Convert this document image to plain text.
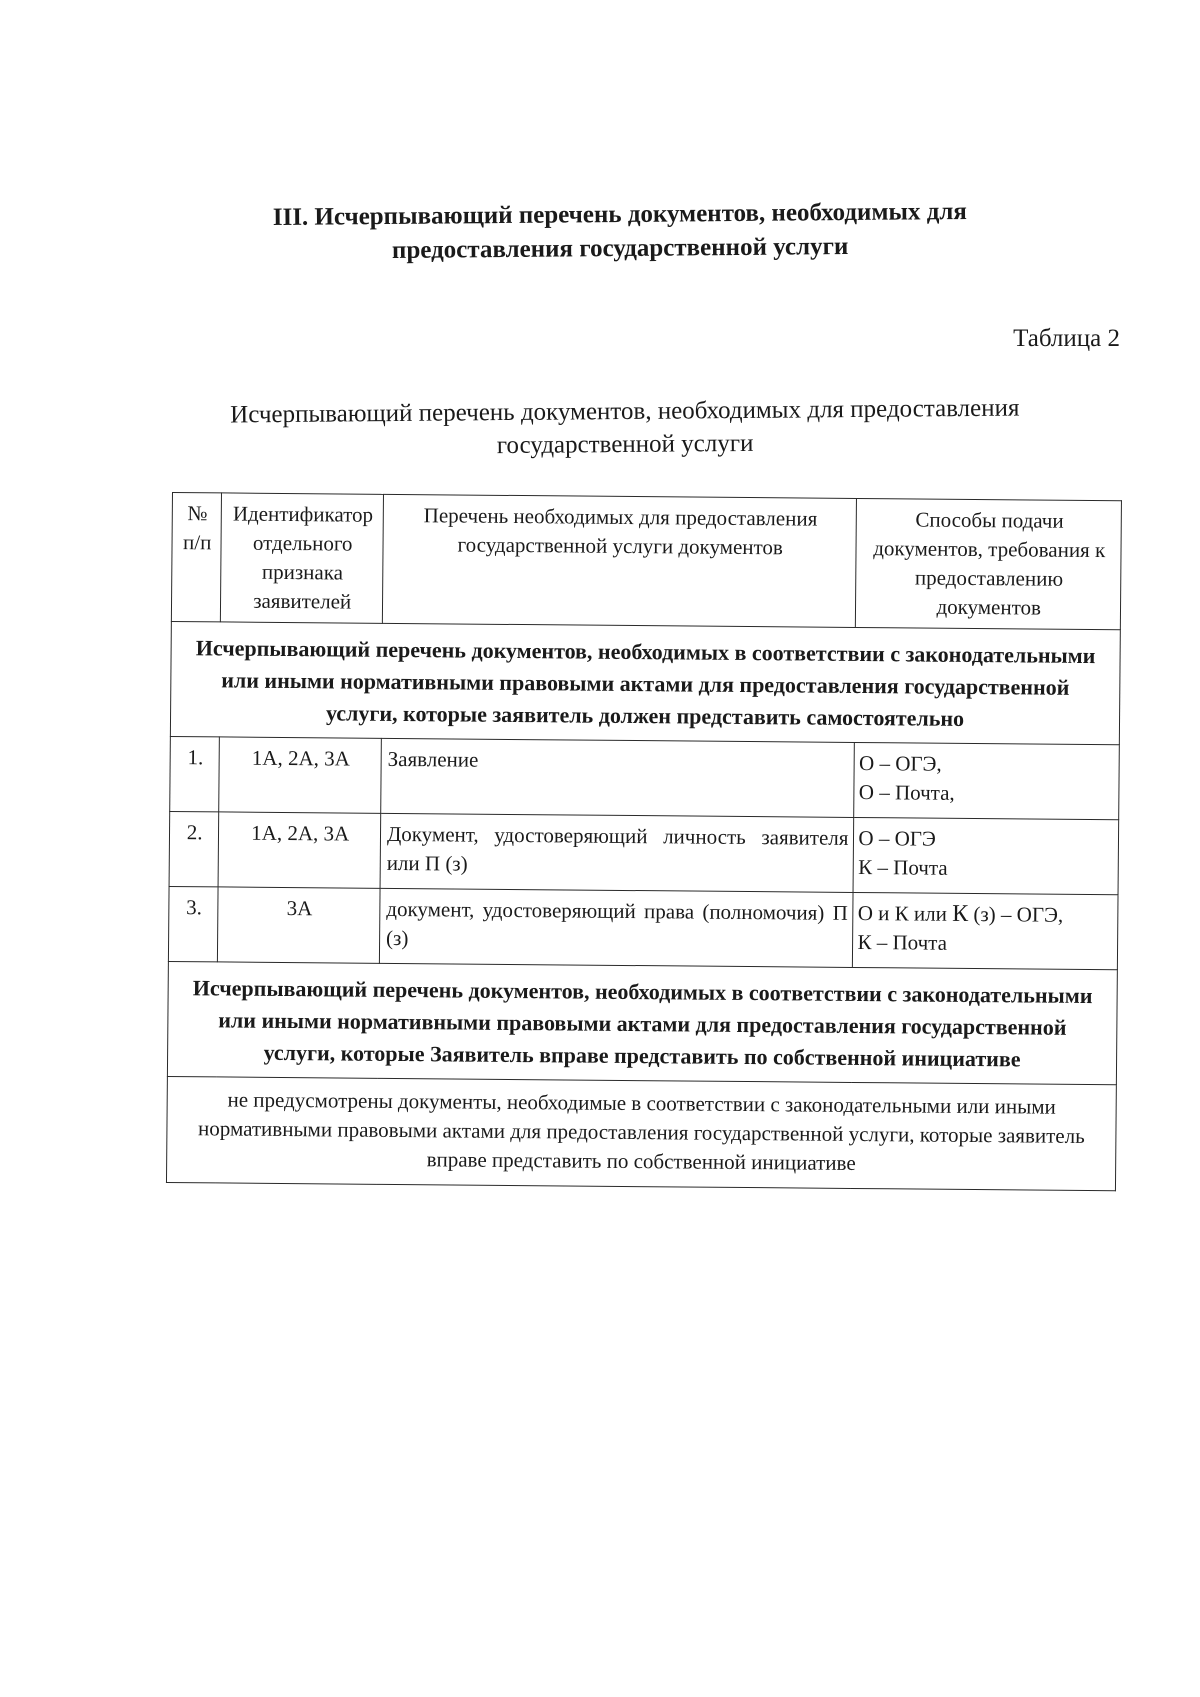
III. Исчерпывающий перечень документов, необходимых для
предоставления государственной услуги
Таблица 2
Исчерпывающий перечень документов, необходимых для предоставления
государственной услуги
№ п/п	Идентификатор отдельного признака заявителей	Перечень необходимых для предоставления государственной услуги документов	Способы подачи документов, требования к предоставлению документов
Исчерпывающий перечень документов, необходимых в соответствии с законодательными или иными нормативными правовыми актами для предоставления государственной услуги, которые заявитель должен представить самостоятельно			
1.	1А, 2А, 3А	Заявление	О – ОГЭ,
О – Почта,

2.	1А, 2А, 3А	Документ, удостоверяющий личность заявителя или П (з)	О – ОГЭ
К – Почта

3.	3А	документ, удостоверяющий права (полномочия) П (з)	О и К или К (з) – ОГЭ,
К – Почта

Исчерпывающий перечень документов, необходимых в соответствии с законодательными или иными нормативными правовыми актами для предоставления государственной услуги, которые Заявитель вправе представить по собственной инициативе			
не предусмотрены документы, необходимые в соответствии с законодательными или иными нормативными правовыми актами для предоставления государственной услуги, которые заявитель вправе представить по собственной инициативе			
